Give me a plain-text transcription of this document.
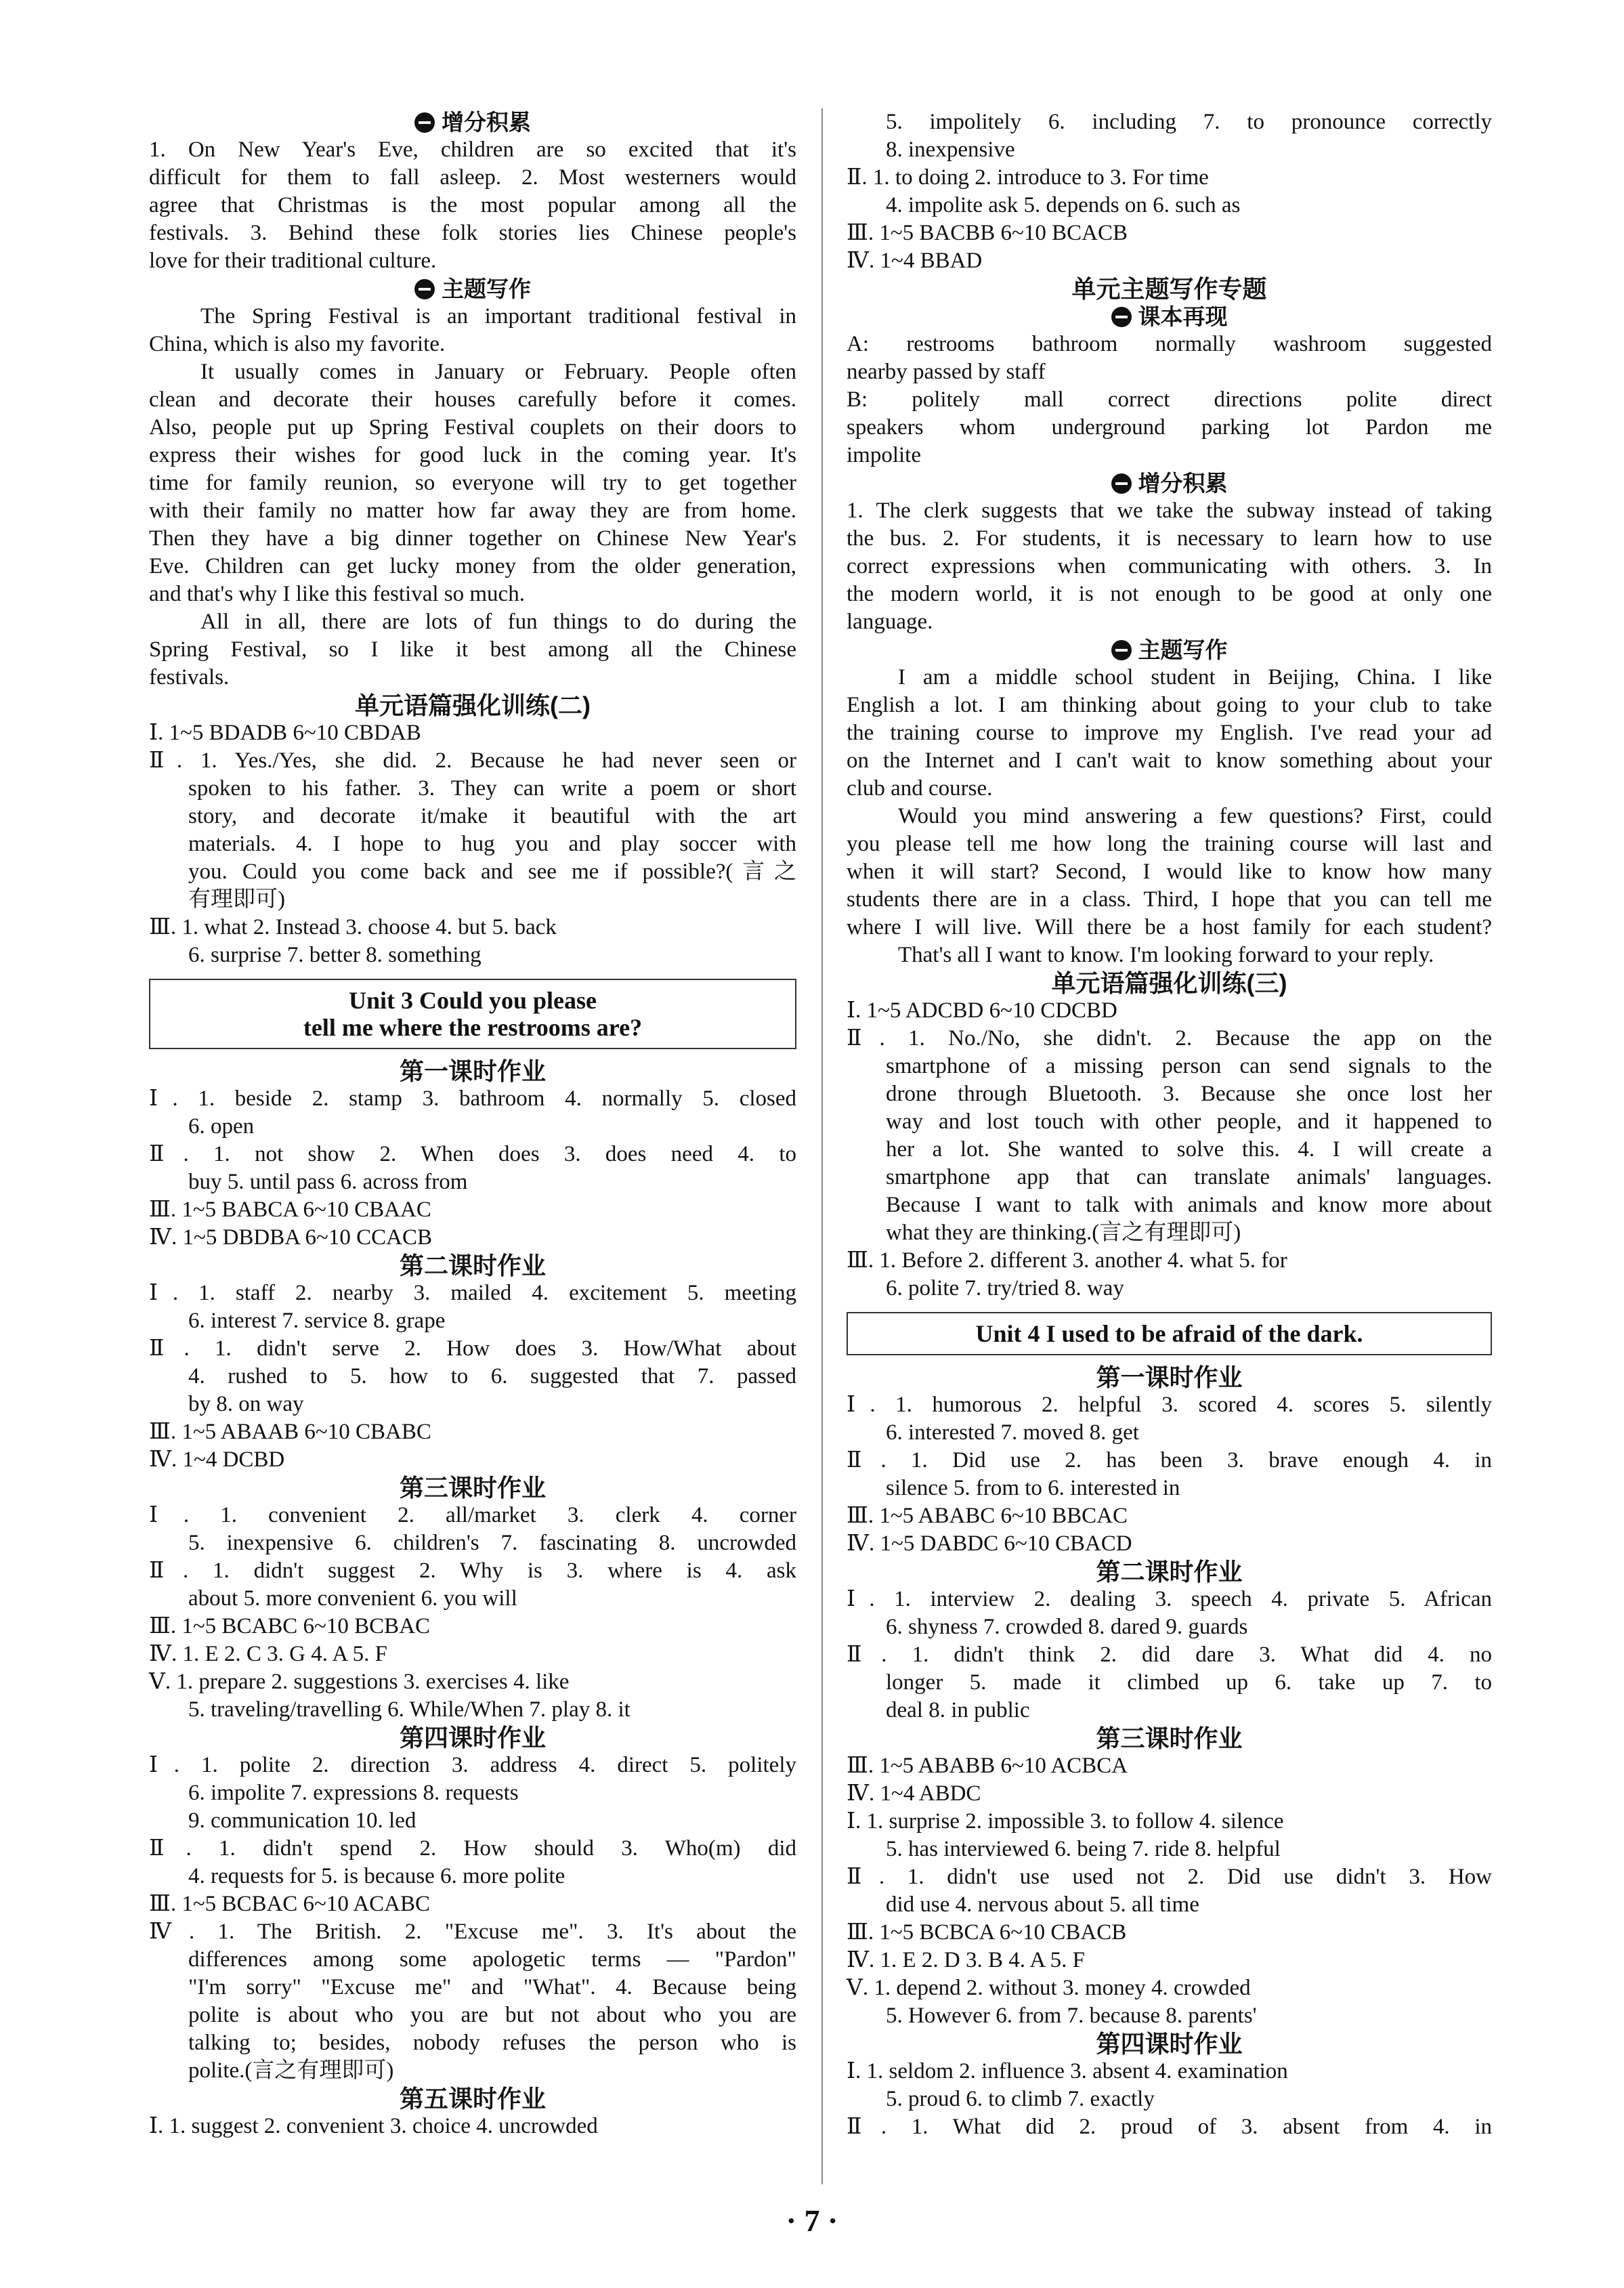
增分积累

1. On New Year's Eve, children are so excited that it's

difficult for them to fall asleep. 2. Most westerners would

agree that Christmas is the most popular among all the

festivals. 3. Behind these folk stories lies Chinese people's

love for their traditional culture.

主题写作

The Spring Festival is an important traditional festival in

China, which is also my favorite.

It usually comes in January or February. People often

clean and decorate their houses carefully before it comes.

Also, people put up Spring Festival couplets on their doors to

express their wishes for good luck in the coming year. It's

time for family reunion, so everyone will try to get together

with their family no matter how far away they are from home.

Then they have a big dinner together on Chinese New Year's

Eve. Children can get lucky money from the older generation,

and that's why I like this festival so much.

All in all, there are lots of fun things to do during the

Spring Festival, so I like it best among all the Chinese

festivals.

单元语篇强化训练(二)

Ⅰ. 1~5 BDADB 6~10 CBDAB

Ⅱ. 1. Yes./Yes, she did. 2. Because he had never seen or

spoken to his father. 3. They can write a poem or short

story, and decorate it/make it beautiful with the art

materials. 4. I hope to hug you and play soccer with

you. Could you come back and see me if possible?(言之

有理即可)

Ⅲ. 1. what 2. Instead 3. choose 4. but 5. back

6. surprise 7. better 8. something

Unit 3 Could you please
tell me where the restrooms are?
第一课时作业

Ⅰ. 1. beside 2. stamp 3. bathroom 4. normally 5. closed

6. open

Ⅱ. 1. not show 2. When does 3. does need 4. to

buy 5. until pass 6. across from

Ⅲ. 1~5 BABCA 6~10 CBAAC

Ⅳ. 1~5 DBDBA 6~10 CCACB

第二课时作业

Ⅰ. 1. staff 2. nearby 3. mailed 4. excitement 5. meeting

6. interest 7. service 8. grape

Ⅱ. 1. didn't serve 2. How does 3. How/What about

4. rushed to 5. how to 6. suggested that 7. passed

by 8. on way

Ⅲ. 1~5 ABAAB 6~10 CBABC

Ⅳ. 1~4 DCBD

第三课时作业

Ⅰ. 1. convenient 2. all/market 3. clerk 4. corner

5. inexpensive 6. children's 7. fascinating 8. uncrowded

Ⅱ. 1. didn't suggest 2. Why is 3. where is 4. ask

about 5. more convenient 6. you will

Ⅲ. 1~5 BCABC 6~10 BCBAC

Ⅳ. 1. E 2. C 3. G 4. A 5. F

Ⅴ. 1. prepare 2. suggestions 3. exercises 4. like

5. traveling/travelling 6. While/When 7. play 8. it

第四课时作业

Ⅰ. 1. polite 2. direction 3. address 4. direct 5. politely

6. impolite 7. expressions 8. requests

9. communication 10. led

Ⅱ. 1. didn't spend 2. How should 3. Who(m) did

4. requests for 5. is because 6. more polite

Ⅲ. 1~5 BCBAC 6~10 ACABC

Ⅳ. 1. The British. 2. "Excuse me". 3. It's about the

differences among some apologetic terms — "Pardon"

"I'm sorry" "Excuse me" and "What". 4. Because being

polite is about who you are but not about who you are

talking to; besides, nobody refuses the person who is

polite.(言之有理即可)

第五课时作业

Ⅰ. 1. suggest 2. convenient 3. choice 4. uncrowded

5. impolitely 6. including 7. to pronounce correctly

8. inexpensive

Ⅱ. 1. to doing 2. introduce to 3. For time

4. impolite ask 5. depends on 6. such as

Ⅲ. 1~5 BACBB 6~10 BCACB

Ⅳ. 1~4 BBAD

单元主题写作专题
课本再现

A: restrooms bathroom normally washroom suggested

nearby passed by staff

B: politely mall correct directions polite direct

speakers whom underground parking lot Pardon me

impolite

增分积累

1. The clerk suggests that we take the subway instead of taking

the bus. 2. For students, it is necessary to learn how to use

correct expressions when communicating with others. 3. In

the modern world, it is not enough to be good at only one

language.

主题写作

I am a middle school student in Beijing, China. I like

English a lot. I am thinking about going to your club to take

the training course to improve my English. I've read your ad

on the Internet and I can't wait to know something about your

club and course.

Would you mind answering a few questions? First, could

you please tell me how long the training course will last and

when it will start? Second, I would like to know how many

students there are in a class. Third, I hope that you can tell me

where I will live. Will there be a host family for each student?

That's all I want to know. I'm looking forward to your reply.

单元语篇强化训练(三)

Ⅰ. 1~5 ADCBD 6~10 CDCBD

Ⅱ. 1. No./No, she didn't. 2. Because the app on the

smartphone of a missing person can send signals to the

drone through Bluetooth. 3. Because she once lost her

way and lost touch with other people, and it happened to

her a lot. She wanted to solve this. 4. I will create a

smartphone app that can translate animals' languages.

Because I want to talk with animals and know more about

what they are thinking.(言之有理即可)

Ⅲ. 1. Before 2. different 3. another 4. what 5. for

6. polite 7. try/tried 8. way

Unit 4 I used to be afraid of the dark.
第一课时作业

Ⅰ. 1. humorous 2. helpful 3. scored 4. scores 5. silently

6. interested 7. moved 8. get

Ⅱ. 1. Did use 2. has been 3. brave enough 4. in

silence 5. from to 6. interested in

Ⅲ. 1~5 ABABC 6~10 BBCAC

Ⅳ. 1~5 DABDC 6~10 CBACD

第二课时作业

Ⅰ. 1. interview 2. dealing 3. speech 4. private 5. African

6. shyness 7. crowded 8. dared 9. guards

Ⅱ. 1. didn't think 2. did dare 3. What did 4. no

longer 5. made it climbed up 6. take up 7. to

deal 8. in public

第三课时作业

Ⅲ. 1~5 ABABB 6~10 ACBCA

Ⅳ. 1~4 ABDC

Ⅰ. 1. surprise 2. impossible 3. to follow 4. silence

5. has interviewed 6. being 7. ride 8. helpful

Ⅱ. 1. didn't use used not 2. Did use didn't 3. How

did use 4. nervous about 5. all time

Ⅲ. 1~5 BCBCA 6~10 CBACB

Ⅳ. 1. E 2. D 3. B 4. A 5. F

Ⅴ. 1. depend 2. without 3. money 4. crowded

5. However 6. from 7. because 8. parents'

第四课时作业

Ⅰ. 1. seldom 2. influence 3. absent 4. examination

5. proud 6. to climb 7. exactly

Ⅱ. 1. What did 2. proud of 3. absent from 4. in

· 7 ·
